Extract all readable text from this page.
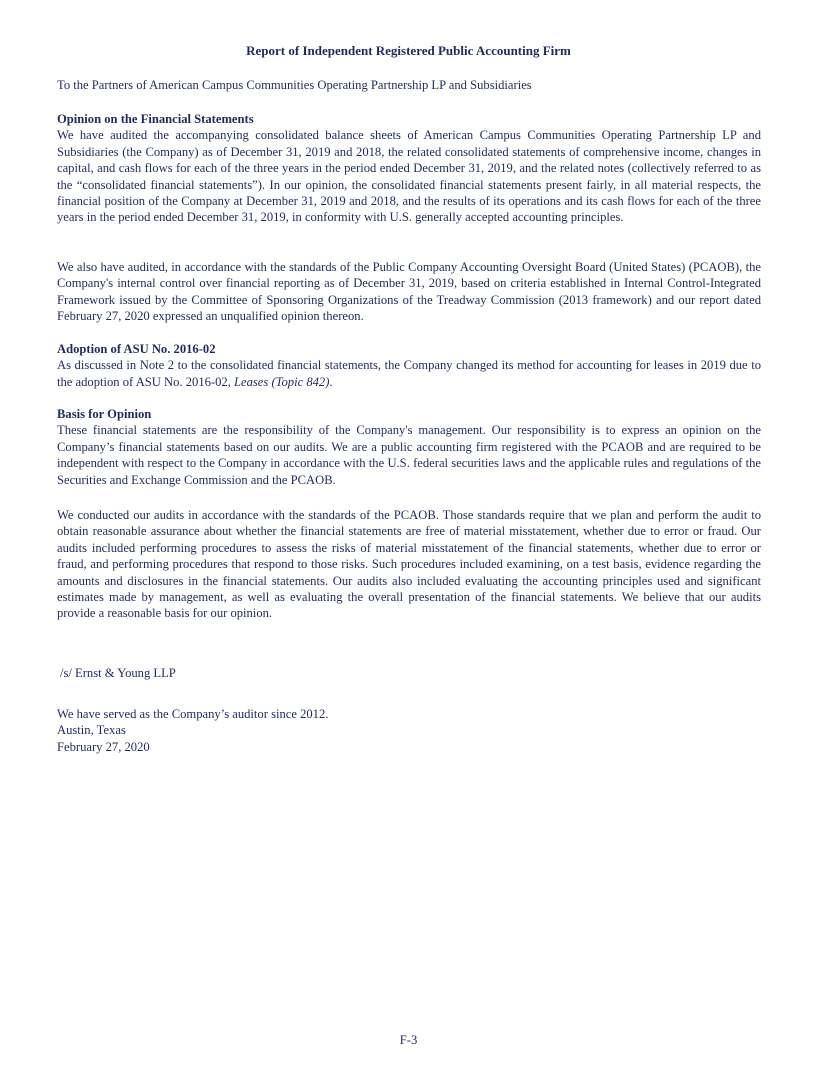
Report of Independent Registered Public Accounting Firm
To the Partners of American Campus Communities Operating Partnership LP and Subsidiaries

Opinion on the Financial Statements

We have audited the accompanying consolidated balance sheets of American Campus Communities Operating Partnership LP and Subsidiaries (the Company) as of December 31, 2019 and 2018, the related consolidated statements of comprehensive income, changes in capital, and cash flows for each of the three years in the period ended December 31, 2019, and the related notes (collectively referred to as the “consolidated financial statements”). In our opinion, the consolidated financial statements present fairly, in all material respects, the financial position of the Company at December 31, 2019 and 2018, and the results of its operations and its cash flows for each of the three years in the period ended December 31, 2019, in conformity with U.S. generally accepted accounting principles.

We also have audited, in accordance with the standards of the Public Company Accounting Oversight Board (United States) (PCAOB), the Company's internal control over financial reporting as of December 31, 2019, based on criteria established in Internal Control-Integrated Framework issued by the Committee of Sponsoring Organizations of the Treadway Commission (2013 framework) and our report dated February 27, 2020 expressed an unqualified opinion thereon.

Adoption of ASU No. 2016-02

As discussed in Note 2 to the consolidated financial statements, the Company changed its method for accounting for leases in 2019 due to the adoption of ASU No. 2016-02, Leases (Topic 842).

Basis for Opinion

These financial statements are the responsibility of the Company's management. Our responsibility is to express an opinion on the Company’s financial statements based on our audits. We are a public accounting firm registered with the PCAOB and are required to be independent with respect to the Company in accordance with the U.S. federal securities laws and the applicable rules and regulations of the Securities and Exchange Commission and the PCAOB.

We conducted our audits in accordance with the standards of the PCAOB. Those standards require that we plan and perform the audit to obtain reasonable assurance about whether the financial statements are free of material misstatement, whether due to error or fraud. Our audits included performing procedures to assess the risks of material misstatement of the financial statements, whether due to error or fraud, and performing procedures that respond to those risks. Such procedures included examining, on a test basis, evidence regarding the amounts and disclosures in the financial statements. Our audits also included evaluating the accounting principles used and significant estimates made by management, as well as evaluating the overall presentation of the financial statements. We believe that our audits provide a reasonable basis for our opinion.

/s/ Ernst & Young LLP
We have served as the Company’s auditor since 2012.
Austin, Texas
February 27, 2020
F-3
